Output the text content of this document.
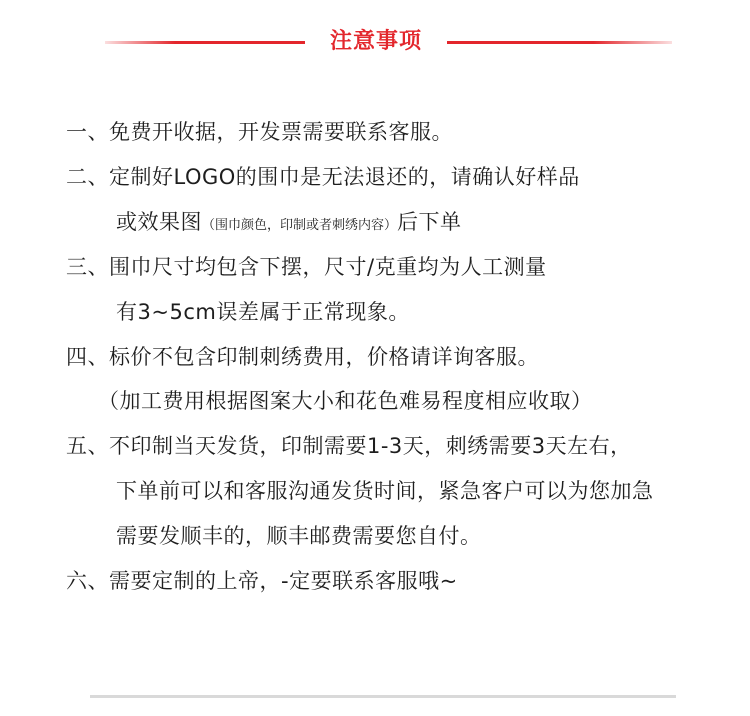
注意事项
一、免费开收据，开发票需要联系客服。
二、定制好LOGO的围巾是无法退还的，请确认好样品
或效果图（围巾颜色，印制或者刺绣内容）后下单
三、围巾尺寸均包含下摆，尺寸/克重均为人工测量
有3~5cm误差属于正常现象。
四、标价不包含印制刺绣费用，价格请详询客服。
（加工费用根据图案大小和花色难易程度相应收取）
五、不印制当天发货，印制需要1-3天，刺绣需要3天左右，
下单前可以和客服沟通发货时间，紧急客户可以为您加急
需要发顺丰的，顺丰邮费需要您自付。
六、需要定制的上帝，-定要联系客服哦~
